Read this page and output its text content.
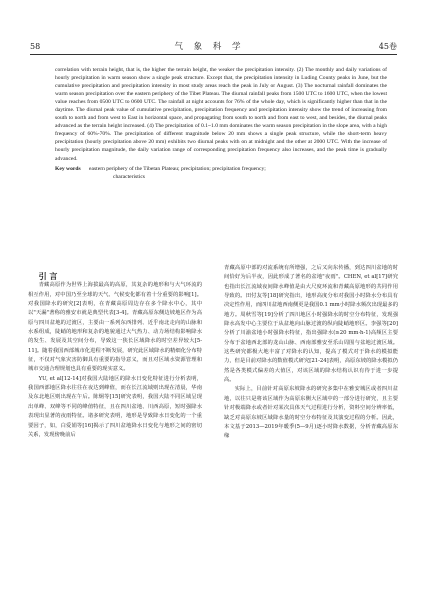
58	气 象 科 学	45卷

correlation with terrain height, that is, the higher the terrain height, the weaker the precipitation intensity. (2) The monthly and daily variations of hourly precipitation in warm season show a single peak structure. Except that, the precipitation intensity in Luding County peaks in June, but the cumulative precipitation and precipitation intensity in most study areas reach the peak in July or August. (3) The nocturnal rainfall dominates the warm season precipitation over the eastern periphery of the Tibet Plateau. The diurnal rainfall peaks from 1500 UTC to 1600 UTC, when the lowest value reaches from 0500 UTC to 0600 UTC. The rainfall at night accounts for 76% of the whole day, which is significantly higher than that in the daytime. The diurnal peak value of cumulative precipitation, precipitation frequency and precipitation intensity show the trend of increasing from south to north and from west to East in horizontal space, and propagating from south to north and from east to west, and besides, the diurnal peaks advanced as the terrain height increased. (4) The precipitation of 0.1~1.0 mm dominates the warm season precipitation in the slope area, with a high frequency of 60%-70%. The precipitation of different magnitude below 20 mm shows a single peak structure, while the short-term heavy precipitation (hourly precipitation above 20 mm) exhibits two diurnal peaks with on at midnight and the other at 2000 UTC. With the increase of hourly precipitation magnitude, the daily variation range of corresponding precipitation frequency also increases, and the peak time is gradually advanced.

Key words eastern periphery of the Tibetan Plateau; precipitation; precipitation frequency;

characteristics

引 言

青藏高原作为世界上海拔最高的高原，其复杂的地形和与大气环流的相互作用，对中国乃至全球的天气、气候变化都有着十分重要的影响[1]。对我国降水的研究[2]表明，在青藏高原周边存在多个降水中心，其中以"天漏"著称的雅安市就是典型代表[3-4]。青藏高原东侧边坡地区作为高原与四川盆地的过渡区，主要由一系列东西排列、近乎南北走向的山脉和水系组成，陡峭的地形和复杂的地貌通过大气热力、动力场结构影响降水的发生、发展及其空间分布，导致这一狭长区域降水的时空差异较大[5-11]。随着我国西部城市化进程不断发展，研究此区域降水的精细化分布特征，不仅对气象灾害防御具有重要的指导意义，而且对区域水资源管理和城市交通合理规划也具有重要的现实意义。

YU, et al[12-14]对我国大陆地区的降水日变化特征进行分析表明，我国西部地区降水往往在夜达到峰值，而在长江流域则出现在清晨，华南及东北地区则出现在午后。陈炯等[15]研究表明，我国大陆不同区域呈现出单峰、双峰等不同的峰值特征，且在四川盆地、川西高原，短时强降水表现出显著的夜雨特征。诸多研究表明，地形是导致降水日变化的一个重要因子，如，白爱娟等[16]揭示了四川盆地降水日变化与地形之间的密切关系，发现傍晚前后

青藏高原中部的对流系统有所增强，之后又向东传播，到达四川盆地的时间恰好为后半夜，因此形成了著名的盆地"夜雨"。CHEN, et al[17]研究也指出长江流域夜间降水峰值是由大尺度环流和青藏高原地形的共同作用导致的。田付友等[18]研究指出，地形高度分布对我国小时降水分布具有决定性作用，而四川盆地西南侧更是我国0.1 mm小时降水频次出现最多的地方。周秋雪等[19]分析了四川地区小时强降水的时空分布特征，发现强降水高发中心主要位于从盆地向山脉过渡的纵向陡峭地形区。李强等[20]分析了川渝盆地小时强降水特征，指出强降水(≥20 mm·h-1)高频区主要分布于盆地西北部的龙山山脉、西南部雅安至乐山周围与盆地过渡区域。这些研究都极大地丰富了对降水的认知，提高了模式对于降水的模拟能力，但是目前对降水的数值模式研究[21-24]表明，高原东坡的降水模拟仍然是各类模式偏差的大值区，对该区域的降水结构认识有待于进一步提高。

实际上，目前针对高原东坡降水的研究多集中在雅安城区或者四川盆地，以往只是将该区域作为高原东侧大区域中的一部分进行研究，且主要针对极端降水或者针对某次具体天气过程进行分析，资料空间分辨率低，缺乏对高原东坡区域降水量的时空分布特征及其演变过程的分析。因此，本文基于2013—2019年暖季(5—9月)逐小时降水数据，分析青藏高原东缘
